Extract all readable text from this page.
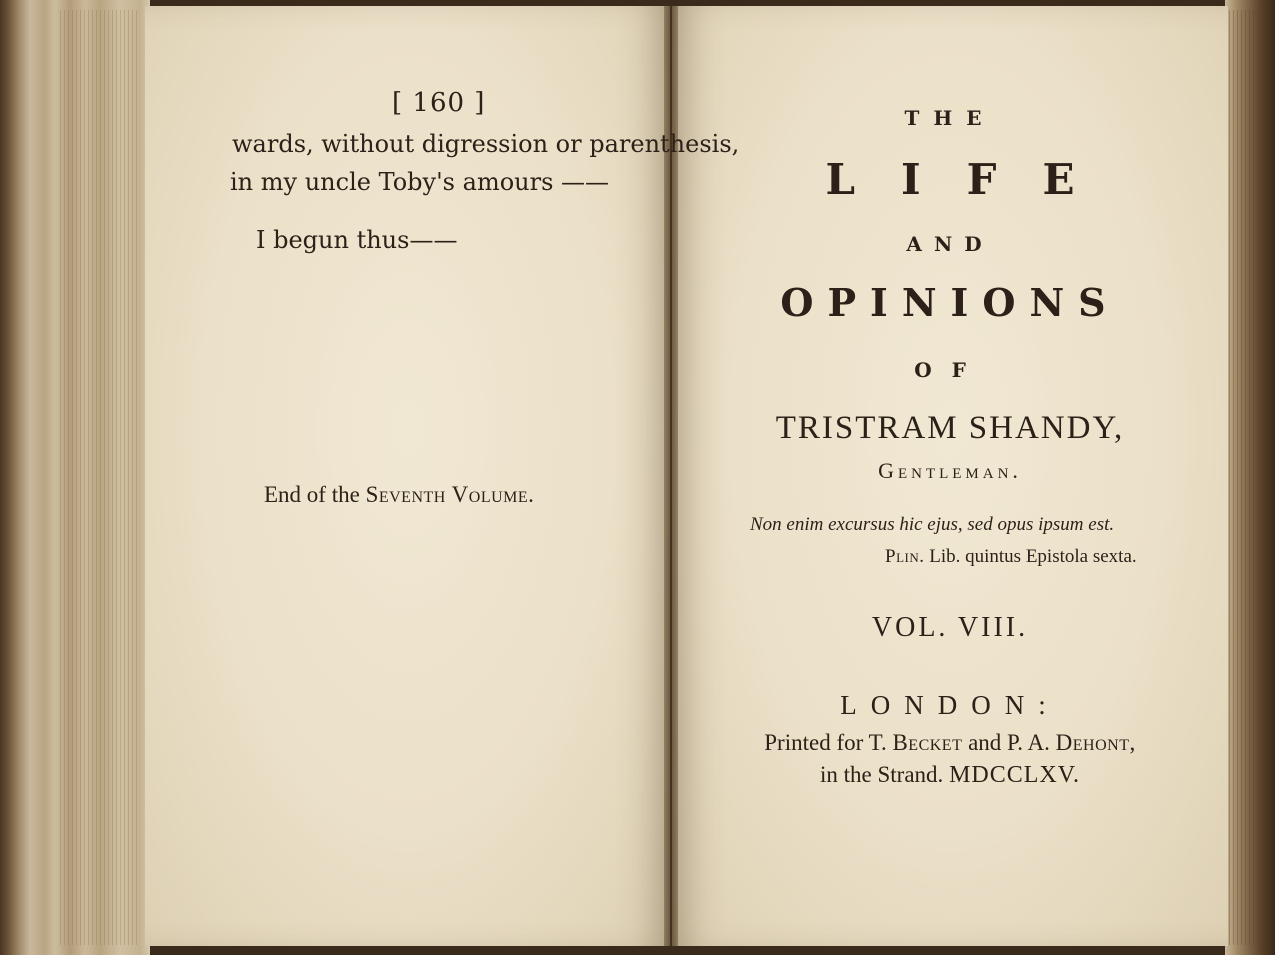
[ 160 ]
wards, without digression or parenthesis,
in my uncle Toby's amours ——
I begun thus——
End of the Seventh Volume.
THE
LIFE
AND
OPINIONS
OF
TRISTRAM SHANDY,
Gentleman.
Non enim excursus hic ejus, sed opus ipsum est.
Plin. Lib. quintus Epistola sexta.
VOL. VIII.
LONDON:
Printed for T. Becket and P. A. Dehont,
in the Strand. MDCCLXV.
